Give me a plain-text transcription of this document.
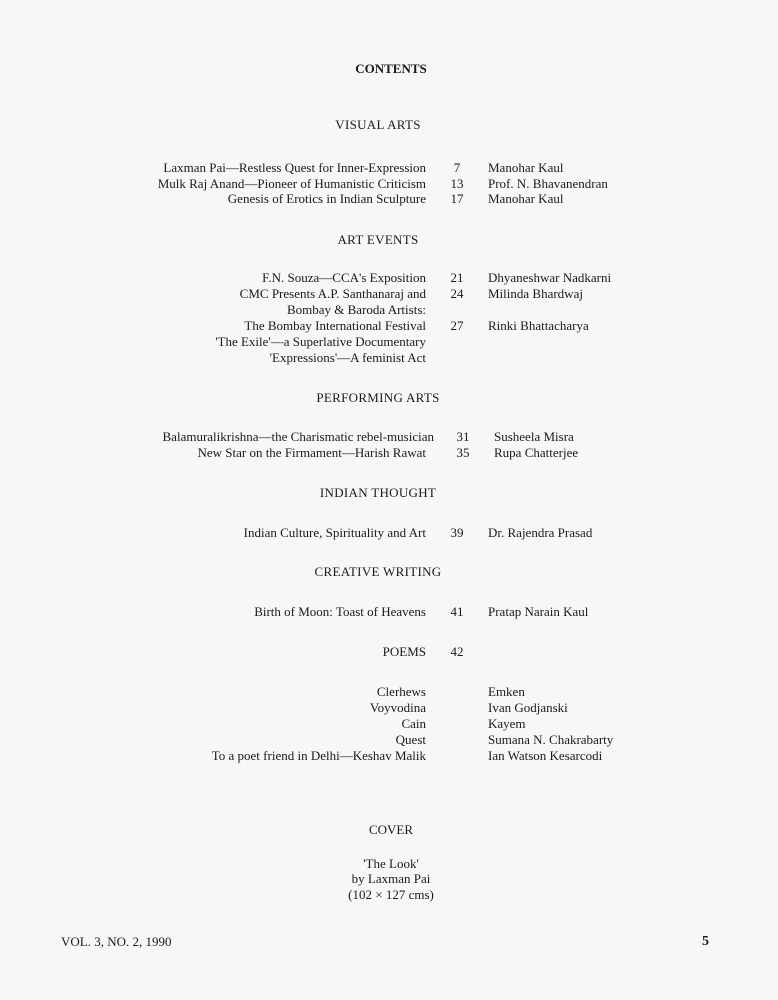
CONTENTS
VISUAL ARTS
Laxman Pai—Restless Quest for Inner-Expression	7	Manohar Kaul
Mulk Raj Anand—Pioneer of Humanistic Criticism	13	Prof. N. Bhavanendran
Genesis of Erotics in Indian Sculpture	17	Manohar Kaul
ART EVENTS
F.N. Souza—CCA's Exposition	21	Dhyaneshwar Nadkarni
CMC Presents A.P. Santhanaraj and	24	Milinda Bhardwaj
Bombay & Baroda Artists:
The Bombay International Festival	27	Rinki Bhattacharya
'The Exile'—a Superlative Documentary
'Expressions'—A feminist Act
PERFORMING ARTS
Balamuralikrishna—the Charismatic rebel-musician	31	Susheela Misra
New Star on the Firmament—Harish Rawat	35	Rupa Chatterjee
INDIAN THOUGHT
Indian Culture, Spirituality and Art	39	Dr. Rajendra Prasad
CREATIVE WRITING
Birth of Moon: Toast of Heavens	41	Pratap Narain Kaul
POEMS	42
Clerhews	Emken
Voyvodina	Ivan Godjanski
Cain	Kayem
Quest	Sumana N. Chakrabarty
To a poet friend in Delhi—Keshav Malik	Ian Watson Kesarcodi
COVER
'The Look'
by Laxman Pai
(102 × 127 cms)
VOL. 3, NO. 2, 1990	5
